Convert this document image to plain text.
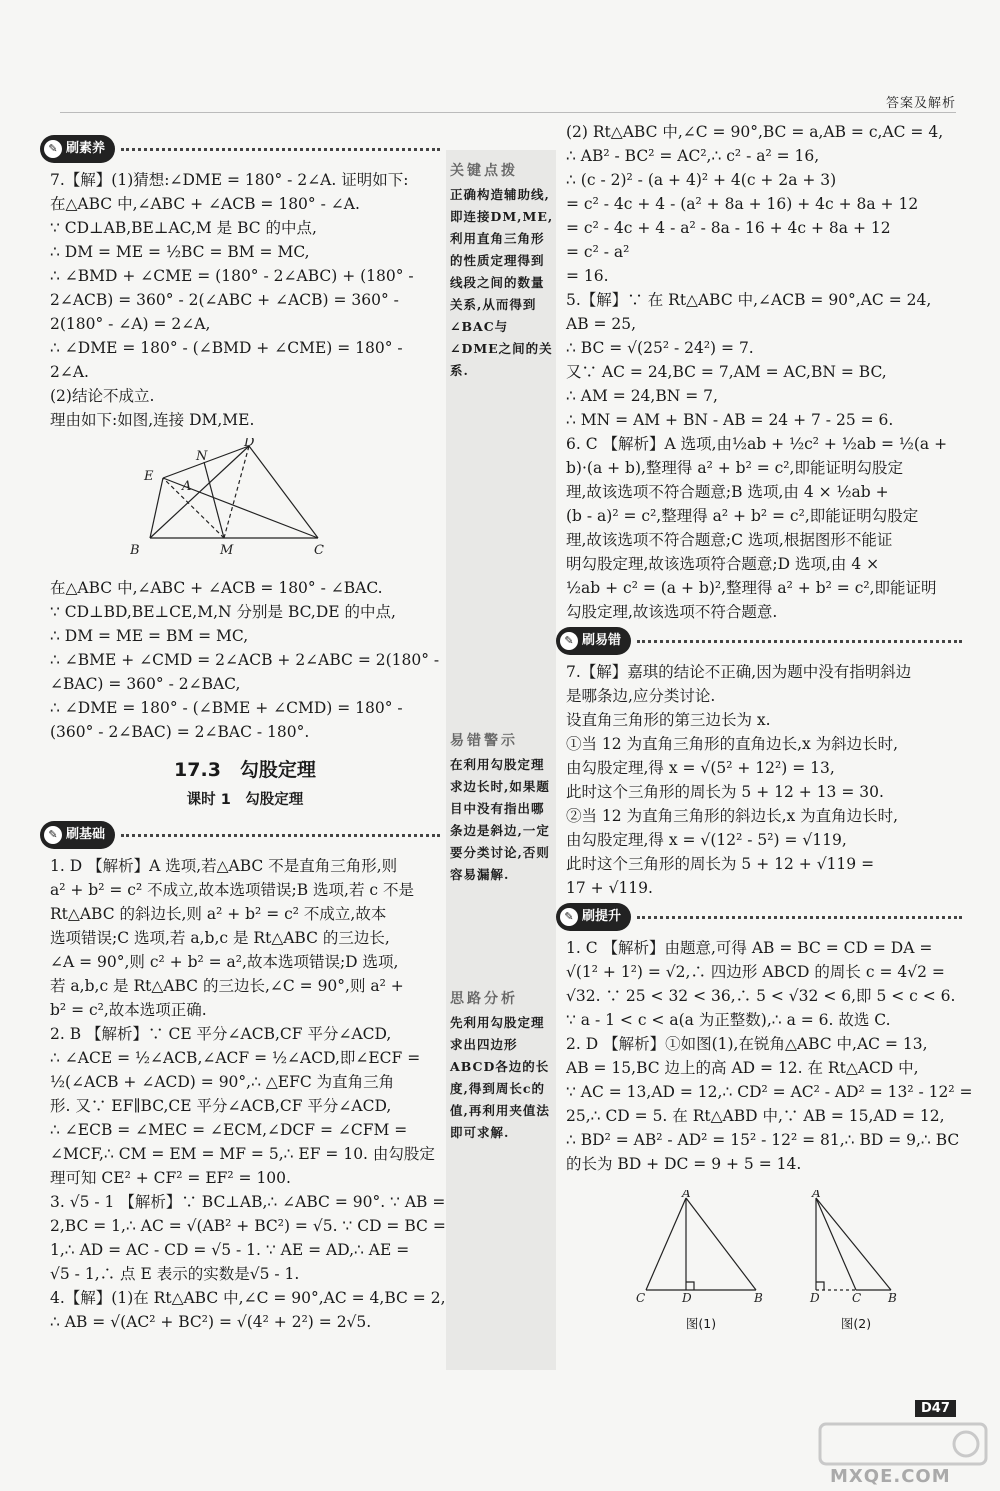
答案及解析
关键点拨
正确构造辅助线,即连接DM,ME,利用直角三角形的性质定理得到线段之间的数量关系,从而得到∠BAC与∠DME之间的关系.
易错警示
在利用勾股定理求边长时,如果题目中没有指出哪条边是斜边,一定要分类讨论,否则容易漏解.
思路分析
先利用勾股定理求出四边形ABCD各边的长度,得到周长c的值,再利用夹值法即可求解.
✎ 刷素养
7.【解】(1)猜想:∠DME = 180° - 2∠A. 证明如下:
在△ABC 中,∠ABC + ∠ACB = 180° - ∠A.
∵ CD⊥AB,BE⊥AC,M 是 BC 的中点,
∴ DM = ME = ½BC = BM = MC,
∴ ∠BMD + ∠CME = (180° - 2∠ABC) + (180° -
2∠ACB) = 360° - 2(∠ABC + ∠ACB) = 360° -
2(180° - ∠A) = 2∠A,
∴ ∠DME = 180° - (∠BMD + ∠CME) = 180° -
2∠A.
(2)结论不成立.
理由如下:如图,连接 DM,ME.
D
N
E
A
B	M	C
在△ABC 中,∠ABC + ∠ACB = 180° - ∠BAC.
∵ CD⊥BD,BE⊥CE,M,N 分别是 BC,DE 的中点,
∴ DM = ME = BM = MC,
∴ ∠BME + ∠CMD = 2∠ACB + 2∠ABC = 2(180° -
∠BAC) = 360° - 2∠BAC,
∴ ∠DME = 180° - (∠BME + ∠CMD) = 180° -
(360° - 2∠BAC) = 2∠BAC - 180°.
17.3　勾股定理
课时 1　勾股定理
✎ 刷基础
1. D 【解析】A 选项,若△ABC 不是直角三角形,则
a² + b² = c² 不成立,故本选项错误;B 选项,若 c 不是
Rt△ABC 的斜边长,则 a² + b² = c² 不成立,故本
选项错误;C 选项,若 a,b,c 是 Rt△ABC 的三边长,
∠A = 90°,则 c² + b² = a²,故本选项错误;D 选项,
若 a,b,c 是 Rt△ABC 的三边长,∠C = 90°,则 a² +
b² = c²,故本选项正确.
2. B 【解析】∵ CE 平分∠ACB,CF 平分∠ACD,
∴ ∠ACE = ½∠ACB,∠ACF = ½∠ACD,即∠ECF =
½(∠ACB + ∠ACD) = 90°,∴ △EFC 为直角三角
形. 又∵ EF∥BC,CE 平分∠ACB,CF 平分∠ACD,
∴ ∠ECB = ∠MEC = ∠ECM,∠DCF = ∠CFM =
∠MCF,∴ CM = EM = MF = 5,∴ EF = 10. 由勾股定
理可知 CE² + CF² = EF² = 100.
3. √5 - 1 【解析】∵ BC⊥AB,∴ ∠ABC = 90°. ∵ AB =
2,BC = 1,∴ AC = √(AB² + BC²) = √5. ∵ CD = BC =
1,∴ AD = AC - CD = √5 - 1. ∵ AE = AD,∴ AE =
√5 - 1,∴ 点 E 表示的实数是√5 - 1.
4.【解】(1)在 Rt△ABC 中,∠C = 90°,AC = 4,BC = 2,
∴ AB = √(AC² + BC²) = √(4² + 2²) = 2√5.
(2) Rt△ABC 中,∠C = 90°,BC = a,AB = c,AC = 4,
∴ AB² - BC² = AC²,∴ c² - a² = 16,
∴ (c - 2)² - (a + 4)² + 4(c + 2a + 3)
= c² - 4c + 4 - (a² + 8a + 16) + 4c + 8a + 12
= c² - 4c + 4 - a² - 8a - 16 + 4c + 8a + 12
= c² - a²
= 16.
5.【解】∵ 在 Rt△ABC 中,∠ACB = 90°,AC = 24,
AB = 25,
∴ BC = √(25² - 24²) = 7.
又∵ AC = 24,BC = 7,AM = AC,BN = BC,
∴ AM = 24,BN = 7,
∴ MN = AM + BN - AB = 24 + 7 - 25 = 6.
6. C 【解析】A 选项,由½ab + ½c² + ½ab = ½(a +
b)·(a + b),整理得 a² + b² = c²,即能证明勾股定
理,故该选项不符合题意;B 选项,由 4 × ½ab +
(b - a)² = c²,整理得 a² + b² = c²,即能证明勾股定
理,故该选项不符合题意;C 选项,根据图形不能证
明勾股定理,故该选项符合题意;D 选项,由 4 ×
½ab + c² = (a + b)²,整理得 a² + b² = c²,即能证明
勾股定理,故该选项不符合题意.
✎ 刷易错
7.【解】嘉琪的结论不正确,因为题中没有指明斜边
是哪条边,应分类讨论.
设直角三角形的第三边长为 x.
①当 12 为直角三角形的直角边长,x 为斜边长时,
由勾股定理,得 x = √(5² + 12²) = 13,
此时这个三角形的周长为 5 + 12 + 13 = 30.
②当 12 为直角三角形的斜边长,x 为直角边长时,
由勾股定理,得 x = √(12² - 5²) = √119,
此时这个三角形的周长为 5 + 12 + √119 =
17 + √119.
✎ 刷提升
1. C 【解析】由题意,可得 AB = BC = CD = DA =
√(1² + 1²) = √2,∴ 四边形 ABCD 的周长 c = 4√2 =
√32. ∵ 25 < 32 < 36,∴ 5 < √32 < 6,即 5 < c < 6.
∵ a - 1 < c < a(a 为正整数),∴ a = 6. 故选 C.
2. D 【解析】①如图(1),在锐角△ABC 中,AC = 13,
AB = 15,BC 边上的高 AD = 12. 在 Rt△ACD 中,
∵ AC = 13,AD = 12,∴ CD² = AC² - AD² = 13² - 12² =
25,∴ CD = 5. 在 Rt△ABD 中,∵ AB = 15,AD = 12,
∴ BD² = AB² - AD² = 15² - 12² = 81,∴ BD = 9,∴ BC
的长为 BD + DC = 9 + 5 = 14.
A
C	D	B
图(1)
A
D	C B
图(2)
D47
MXQE.COM
